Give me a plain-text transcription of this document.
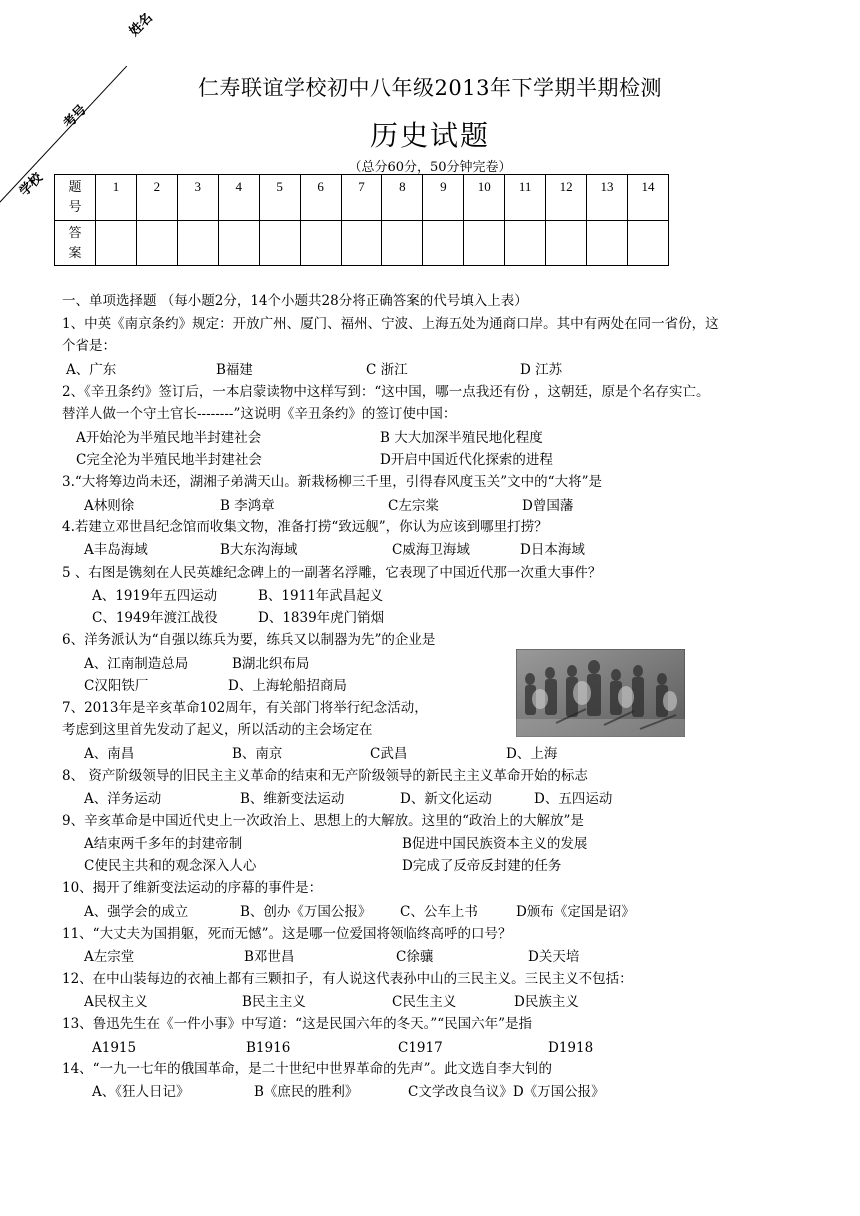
学校
考号
姓名
仁寿联谊学校初中八年级2013年下学期半期检测
历史试题
（总分60分，50分钟完卷）
题号	1	2	3	4	5	6	7	8	9	10	11	12	13	14
答案														
一、单项选择题 （每小题2分，14个小题共28分将正确答案的代号填入上表）
1、中英《南京条约》规定：开放广州、厦门、福州、宁波、上海五处为通商口岸。其中有两处在同一省份，这
个省是：
A、广东	B福建	C 浙江	D 江苏
2、《辛丑条约》签订后，一本启蒙读物中这样写到：“这中国，哪一点我还有份 ，这朝廷，原是个名存实亡。
替洋人做一个守土官长--------”这说明《辛丑条约》的签订使中国：
A开始沦为半殖民地半封建社会	B 大大加深半殖民地化程度
C完全沦为半殖民地半封建社会	D开启中国近代化探索的进程
3.“大将筹边尚未还，湖湘子弟满天山。新栽杨柳三千里，引得春风度玉关”文中的“大将”是
A林则徐	B 李鸿章	C左宗棠	D曾国藩
4.若建立邓世昌纪念馆而收集文物，准备打捞“致远舰”，你认为应该到哪里打捞？
A丰岛海域	B大东沟海域	C威海卫海域	D日本海域
5 、右图是镌刻在人民英雄纪念碑上的一副著名浮雕，它表现了中国近代那一次重大事件？
A、1919年五四运动	B、1911年武昌起义
C、1949年渡江战役	D、1839年虎门销烟
6、洋务派认为“自强以练兵为要，练兵又以制器为先”的企业是
A、江南制造总局	B湖北织布局
C汉阳铁厂	D、上海轮船招商局
7、2013年是辛亥革命102周年，有关部门将举行纪念活动，
考虑到这里首先发动了起义，所以活动的主会场定在
A、南昌	B、南京	C武昌	D、上海
8、 资产阶级领导的旧民主主义革命的结束和无产阶级领导的新民主主义革命开始的标志
A、洋务运动	B、维新变法运动	D、新文化运动	D、五四运动
9、辛亥革命是中国近代史上一次政治上、思想上的大解放。这里的“政治上的大解放”是
A结束两千多年的封建帝制	B促进中国民族资本主义的发展
C使民主共和的观念深入人心	D完成了反帝反封建的任务
10、揭开了维新变法运动的序幕的事件是：
A、强学会的成立	B、创办《万国公报》 C、公车上书	D颁布《定国是诏》
11、“大丈夫为国捐躯，死而无憾”。这是哪一位爱国将领临终高呼的口号？
A左宗堂	B邓世昌	C徐骧	D关天培
12、在中山装每边的衣袖上都有三颗扣子，有人说这代表孙中山的三民主义。三民主义不包括：
A民权主义	B民主主义	C民生主义	D民族主义
13、鲁迅先生在《一件小事》中写道：“这是民国六年的冬天。”“民国六年”是指
A1915	B1916	C1917	D1918
14、“一九一七年的俄国革命，是二十世纪中世界革命的先声”。此文选自李大钊的
A、《狂人日记》	B《庶民的胜利》	C文学改良刍议》D《万国公报》
